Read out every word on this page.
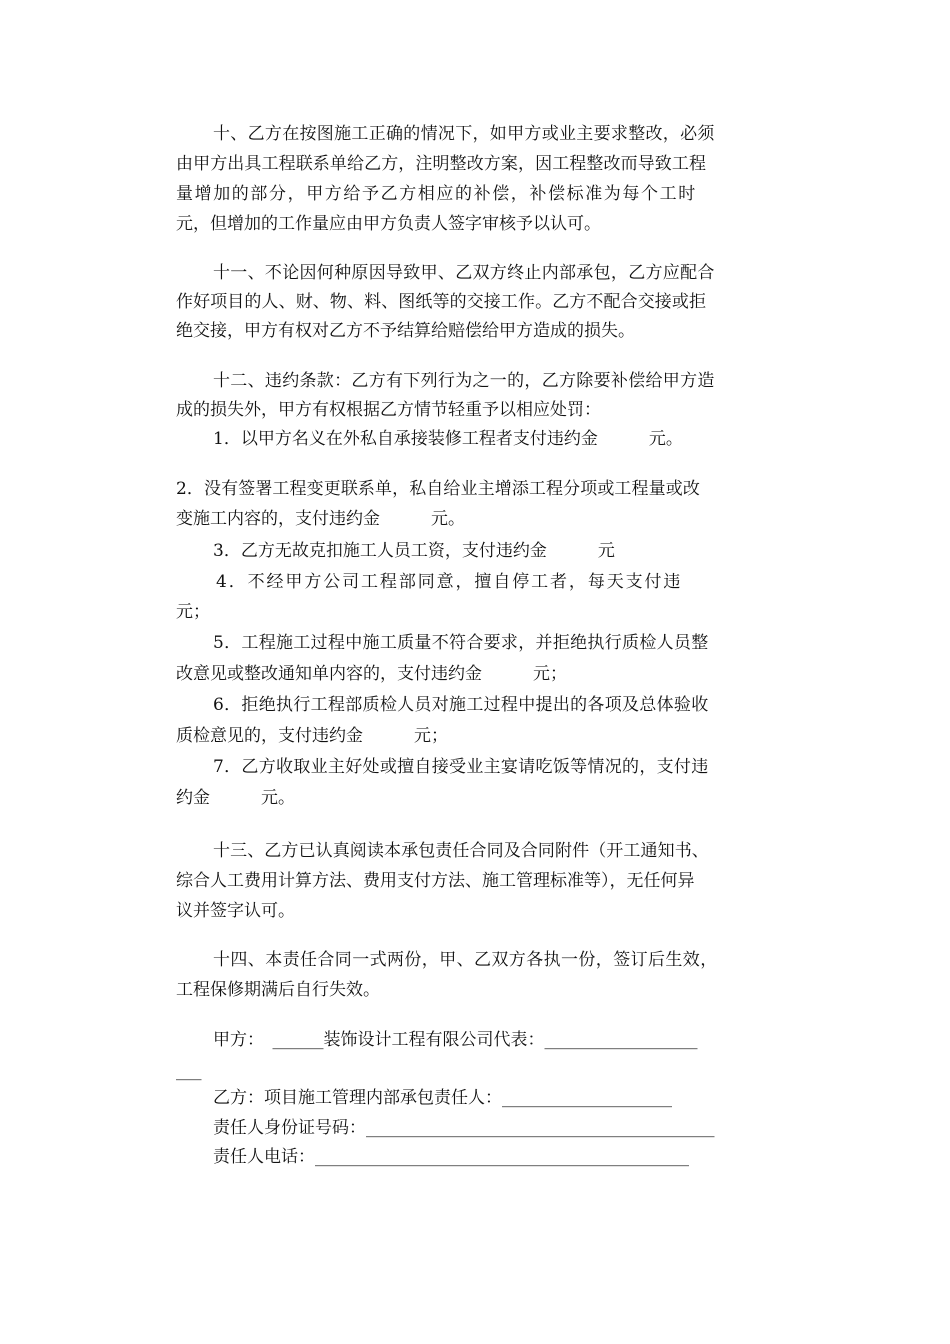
十、乙方在按图施工正确的情况下，如甲方或业主要求整改，必须
由甲方出具工程联系单给乙方，注明整改方案，因工程整改而导致工程
量增加的部分，甲方给予乙方相应的补偿，补偿标准为每个工时
元，但增加的工作量应由甲方负责人签字审核予以认可。
十一、不论因何种原因导致甲、乙双方终止内部承包，乙方应配合
作好项目的人、财、物、料、图纸等的交接工作。乙方不配合交接或拒
绝交接，甲方有权对乙方不予结算给赔偿给甲方造成的损失。
十二、违约条款：乙方有下列行为之一的，乙方除要补偿给甲方造
成的损失外，甲方有权根据乙方情节轻重予以相应处罚：
1．以甲方名义在外私自承接装修工程者支付违约金　　　元。
2．没有签署工程变更联系单，私自给业主增添工程分项或工程量或改
变施工内容的，支付违约金　　　元。
3．乙方无故克扣施工人员工资，支付违约金　　　元
4．不经甲方公司工程部同意，擅自停工者，每天支付违
元；
5．工程施工过程中施工质量不符合要求，并拒绝执行质检人员整
改意见或整改通知单内容的，支付违约金　　　元；
6．拒绝执行工程部质检人员对施工过程中提出的各项及总体验收
质检意见的，支付违约金　　　元；
7．乙方收取业主好处或擅自接受业主宴请吃饭等情况的，支付违
约金　　　元。
十三、乙方已认真阅读本承包责任合同及合同附件（开工通知书、
综合人工费用计算方法、费用支付方法、施工管理标准等），无任何异
议并签字认可。
十四、本责任合同一式两份，甲、乙双方各执一份，签订后生效，
工程保修期满后自行失效。
甲方：　______装饰设计工程有限公司代表：__________________
___
乙方：项目施工管理内部承包责任人：____________________
责任人身份证号码：_________________________________________
责任人电话：____________________________________________
